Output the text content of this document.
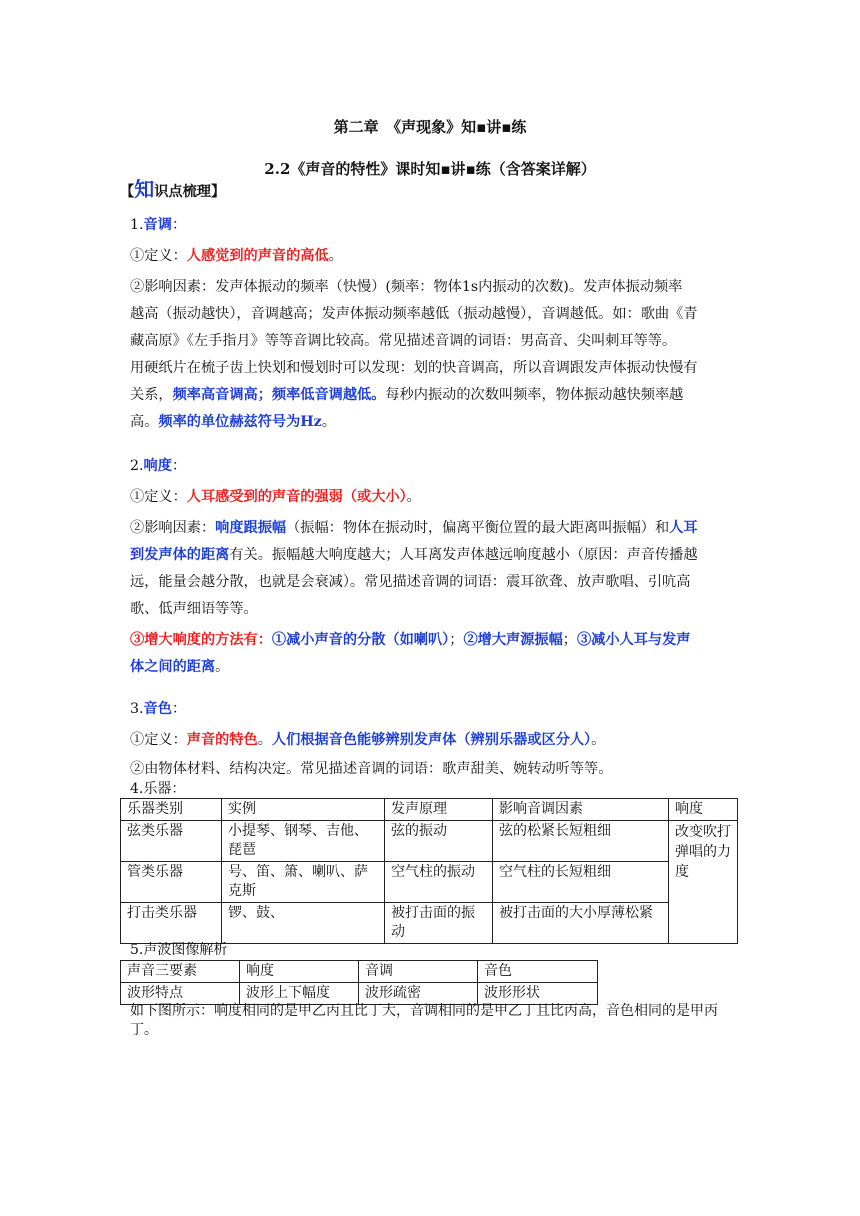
第二章　《声现象》知▪讲▪练
2.2《声音的特性》课时知▪讲▪练（含答案详解）

【知识点梳理】

1.音调：

①定义：人感觉到的声音的高低。

②影响因素：发声体振动的频率（快慢）(频率：物体1s内振动的次数)。发声体振动频率
越高（振动越快），音调越高；发声体振动频率越低（振动越慢），音调越低。如：歌曲《青
藏高原》《左手指月》等等音调比较高。常见描述音调的词语：男高音、尖叫刺耳等等。
用硬纸片在梳子齿上快划和慢划时可以发现：划的快音调高，所以音调跟发声体振动快慢有
关系，频率高音调高；频率低音调越低。每秒内振动的次数叫频率，物体振动越快频率越
高。频率的单位赫兹符号为Hz。

2.响度：

①定义：人耳感受到的声音的强弱（或大小）。

②影响因素：响度跟振幅（振幅：物体在振动时，偏离平衡位置的最大距离叫振幅）和人耳
到发声体的距离有关。振幅越大响度越大；人耳离发声体越远响度越小（原因：声音传播越
远，能量会越分散，也就是会衰减）。常见描述音调的词语：震耳欲聋、放声歌唱、引吭高
歌、低声细语等等。

③增大响度的方法有：①减小声音的分散（如喇叭）；②增大声源振幅；③减小人耳与发声
体之间的距离。

3.音色：

①定义：声音的特色。人们根据音色能够辨别发声体（辨别乐器或区分人）。

②由物体材料、结构决定。常见描述音调的词语：歌声甜美、婉转动听等等。

4.乐器：
乐器类别	实例	发声原理	影响音调因素	响度
弦类乐器	小提琴、钢琴、吉他、琵琶	弦的振动	弦的松紧长短粗细	改变吹打弹唱的力度
管类乐器	号、笛、箫、喇叭、萨克斯	空气柱的振动	空气柱的长短粗细	
打击类乐器	锣、鼓、	被打击面的振动	被打击面的大小厚薄松紧	
5.声波图像解析
声音三要素	响度	音调	音色
波形特点	波形上下幅度	波形疏密	波形形状
如下图所示：响度相同的是甲乙丙且比丁大，音调相同的是甲乙丁且比丙高，音色相同的是甲丙丁。
